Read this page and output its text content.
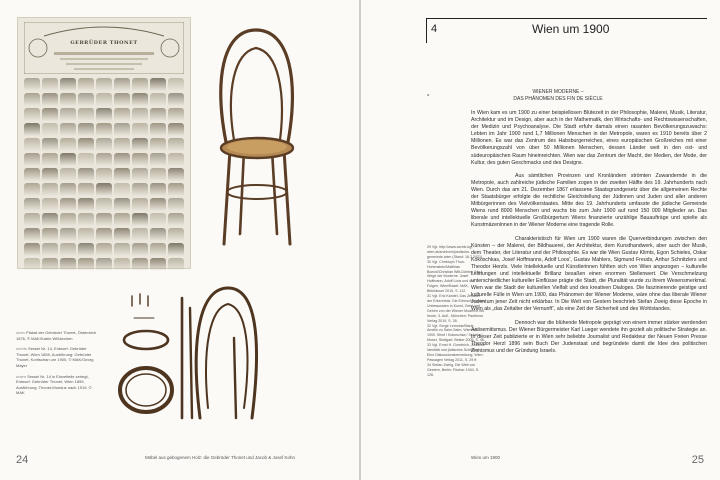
GEBRÜDER THONET

oben Plakat der Gebrüder Thonet, Österreich 1876, © MAK/Katrin Wißkirchen

rechts Sessel Nr. 14, Entwurf: Gebrüder Thonet, Wien 1859, Ausführung: Gebrüder Thonet, Koritschan um 1900, © MAK/Georg Mayer

unten Sessel Nr. 14 in Einzelteile zerlegt, Entwurf: Gebrüder Thonet, Wien 1859, Ausführung: Thonet-Mundus nach 1919, © MAK

24	Möbel aus gebogenem Holz: die Gebrüder Thonet und Jacob & Josef Kohn
4	Wien um 1900
a	WIENER MODERNE –
DAS PHÄNOMEN DES FIN DE SIÈCLE

In Wien kam es um 1900 zu einer beispiellosen Blütezeit in der Philosophie, Malerei, Musik, Literatur, Architektur und im Design, aber auch in der Mathematik, den Wirtschafts- und Rechtswissenschaften, der Medizin und Psychoanalyse. Die Stadt erfuhr damals einen rasanten Bevölkerungszuwachs: Lebten im Jahr 1900 rund 1,7 Millionen Menschen in der Metropole, waren es 1910 bereits über 2 Millionen. Es war das Zentrum des Habsburgerreiches, eines europäischen Großreiches mit einer Bevölkerungszahl von über 50 Millionen Menschen, dessen Länder weit in den ost- und südeuropäischen Raum hineinreichten. Wien war das Zentrum der Macht, der Medien, der Mode, der Kultur, des guten Geschmacks und des Designs.

Aus sämtlichen Provinzen und Kronländern strömten Zuwandernde in die Metropole, auch zahlreiche jüdische Familien zogen in der zweiten Hälfte des 19. Jahrhunderts nach Wien. Durch das am 21. Dezember 1867 erlassene Staatsgrundgesetz über die allgemeinen Rechte der Staatsbürger erfolgte die rechtliche Gleichstellung der Jüdinnen und Juden und aller anderen Mitbürgerinnen des Vielvölkerstaates. Mitte des 19. Jahrhunderts umfasste die jüdische Gemeinde Wiens rund 8000 Menschen und wuchs bis zum Jahr 1900 auf rund 150 000 Mitglieder an. Das liberale und intellektuelle Großbürgertum Wiens finanzierte unzählige Bauaufträge und spielte als Kunstmäzeninnen in der Wiener Moderne eine tragende Rolle.

Charakteristisch für Wien um 1900 waren die Querverbindungen zwischen den Künsten – der Malerei, der Bildhauerei, der Architektur, dem Kunsthandwerk, aber auch der Musik, dem Theater, der Literatur und der Philosophie. Es war die Wien Gustav Klimts, Egon Schieles, Oskar Kokoschkas, Josef Hoffmanns, Adolf Loos', Gustav Mahlers, Sigmund Freuds, Arthur Schnitzlers und Theodor Herzls. Viele Intellektuelle und Künstlerinnen fühlten sich von Wien angezogen – kulturelle Leistungen und intellektuelle Brillanz besaßen einen enormen Stellenwert. Die Verschmelzung unterschiedlicher kultureller Einflüsse prägte die Stadt, die Pluralität wurde zu ihrem Wesensmerkmal. Wien war die Stadt der kulturellen Vielfalt und des kreativen Dialoges. Die faszinierende geistige und kulturelle Fülle in Wien um 1900, das Phänomen der Wiener Moderne, wäre ohne das liberale Wiener Judentum jener Zeit nicht erklärbar. In Die Welt von Gestern beschrieb Stefan Zweig diese Epoche in Wien als „das Zeitalter der Vernunft“, als eine Zeit der Sicherheit und des Wohlstandes.

Dennoch war die blühende Metropole geprägt von einem immer stärker werdenden Antisemitismus. Der Wiener Bürgermeister Karl Lueger wendete ihn gezielt als politische Strategie an. In dieser Zeit publizierte er in Wien sehr beliebte Journalist und Redakteur der Neuen Freien Presse Theodor Herzl 1896 sein Buch Der Judenstaat und begründete damit die Idee des politischen Zionismus und der Gründung Israels.

29 Vgl. http://www.archiv-kg-wien.at/archiven/juedische-gemeinde-wien (Stand: 16.7.2021).

30 Vgl. Christoph Thun-Hohenstein/Matthias Boeckl/Christian Witt-Dörring (Hg.), Wege der Moderne. Josef Hoffmann, Adolf Loos und die Folgen, Wien/Basel: MAK, Birkhäuser 2015, S. 112.

31 Vgl. Eric Kandel, Das Zeitalter der Erkenntnis. Die Erforschung des Unbewussten in Kunst, Geist und Gehirn von der Wiener Moderne bis heute, 3. Aufl., München: Pantheon Verlag 2019, S. 28.

32 Vgl. Serge Lemoine/Marie-Amélie zu Salm-Salm, Wien um 1900. Klimt / Kokoschka / Schiele / Moser, Stuttgart: Belser 2005, S. 46.

33 Vgl. Ernst H. Gombrich, Jüdische Identität und jüdisches Schicksal. Eine Diskussionsbemerkung, Wien: Passagen Verlag 2011, S. 29 ff.

34 Stefan Zweig, Die Welt von Gestern, Berlin: Fischer 1944, S. 126.

Wien um 1900	25
